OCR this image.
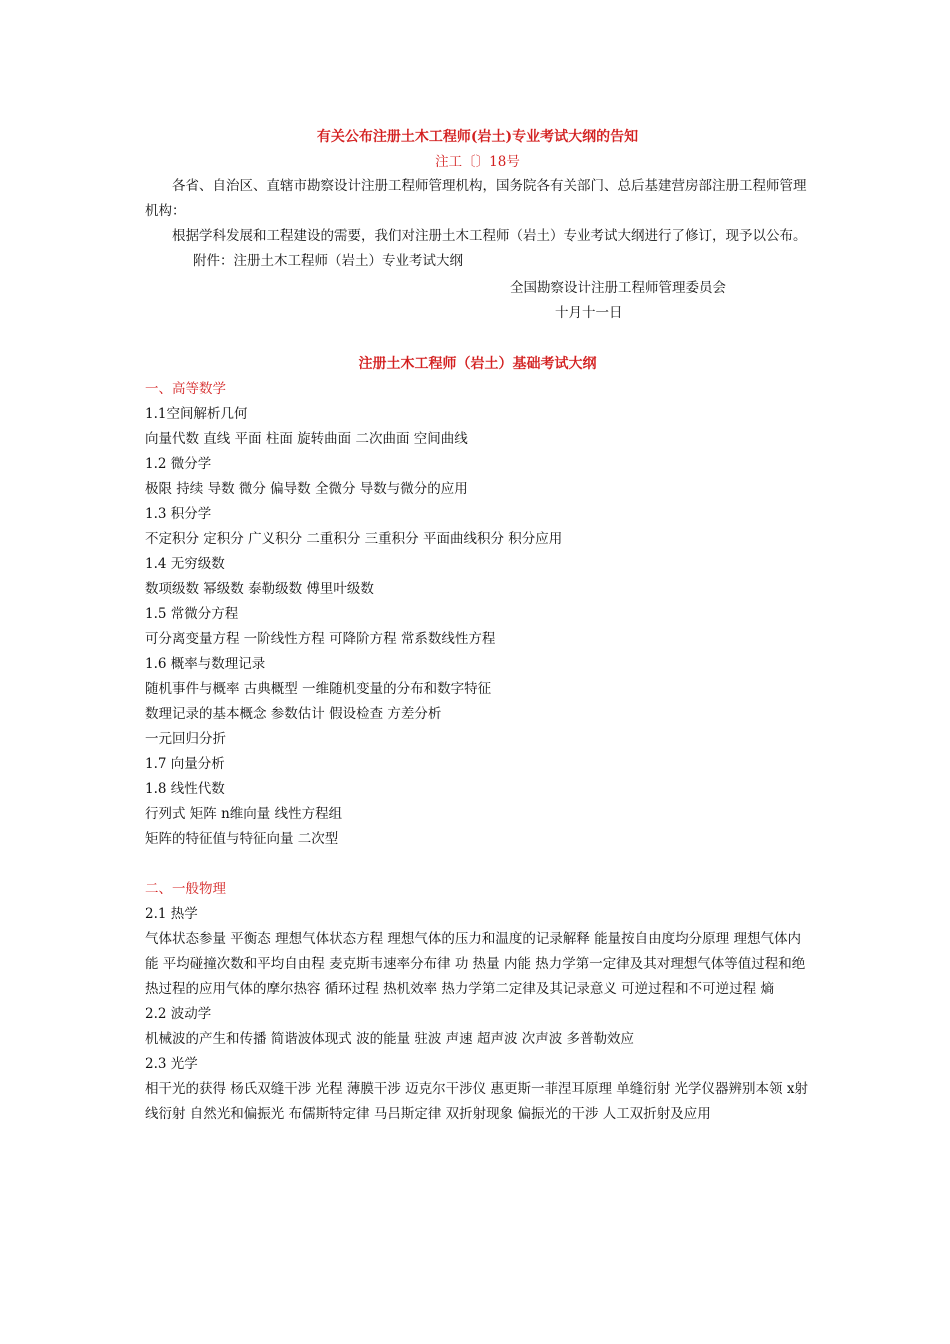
有关公布注册土木工程师(岩土)专业考试大纲的告知
注工〔〕18号
各省、自治区、直辖市勘察设计注册工程师管理机构，国务院各有关部门、总后基建营房部注册工程师管理机构：
根据学科发展和工程建设的需要，我们对注册土木工程师（岩土）专业考试大纲进行了修订，现予以公布。
附件：注册土木工程师（岩土）专业考试大纲
全国勘察设计注册工程师管理委员会
十月十一日
注册土木工程师（岩土）基础考试大纲
一、高等数学
1.1空间解析几何
向量代数 直线 平面 柱面 旋转曲面 二次曲面 空间曲线
1.2 微分学
极限 持续 导数 微分 偏导数 全微分 导数与微分的应用
1.3 积分学
不定积分 定积分 广义积分 二重积分 三重积分 平面曲线积分 积分应用
1.4 无穷级数
数项级数 幂级数 泰勒级数 傅里叶级数
1.5 常微分方程
可分离变量方程 一阶线性方程 可降阶方程 常系数线性方程
1.6 概率与数理记录
随机事件与概率 古典概型 一维随机变量的分布和数字特征
数理记录的基本概念 参数估计 假设检查 方差分析
一元回归分折
1.7 向量分析
1.8 线性代数
行列式 矩阵 n维向量 线性方程组
矩阵的特征值与特征向量 二次型
二、一般物理
2.1 热学
气体状态参量 平衡态 理想气体状态方程 理想气体的压力和温度的记录解释 能量按自由度均分原理 理想气体内能 平均碰撞次数和平均自由程 麦克斯韦速率分布律 功 热量 内能 热力学第一定律及其对理想气体等值过程和绝热过程的应用气体的摩尔热容 循环过程 热机效率 热力学第二定律及其记录意义 可逆过程和不可逆过程 熵
2.2 波动学
机械波的产生和传播 简谐波体现式 波的能量 驻波 声速 超声波 次声波 多普勒效应
2.3 光学
相干光的获得 杨氏双缝干涉 光程 薄膜干涉 迈克尔干涉仪 惠更斯一菲涅耳原理 单缝衍射 光学仪器辨别本领 x射线衍射 自然光和偏振光 布儒斯特定律 马吕斯定律 双折射现象 偏振光的干涉 人工双折射及应用
